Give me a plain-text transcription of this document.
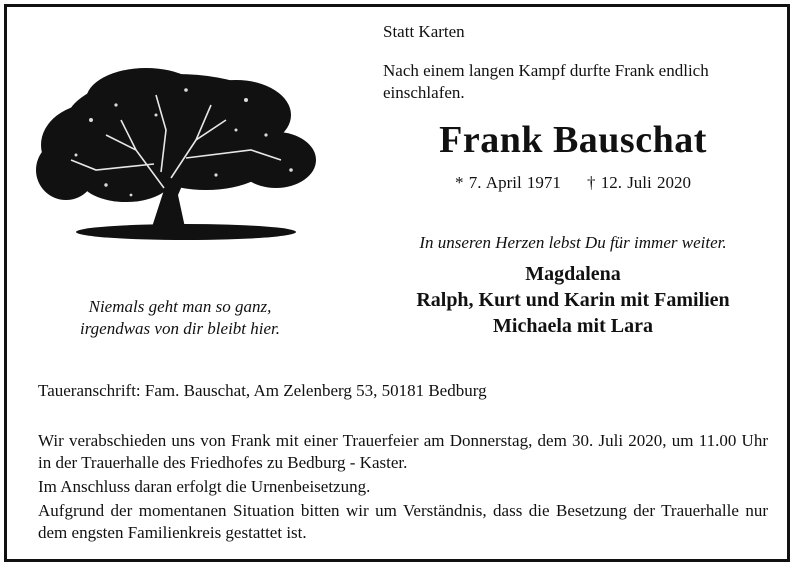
Niemals geht man so ganz,
irgendwas von dir bleibt hier.
Statt Karten
Nach einem langen Kampf durfte Frank endlich einschlafen.
Frank Bauschat
* 7. April 1971 † 12. Juli 2020
In unseren Herzen lebst Du für immer weiter.
Magdalena
Ralph, Kurt und Karin mit Familien
Michaela mit Lara
Taueranschrift: Fam. Bauschat, Am Zelenberg 53, 50181 Bedburg

Wir verabschieden uns von Frank mit einer Trauerfeier am Donnerstag, dem 30. Juli 2020, um 11.00 Uhr in der Trauerhalle des Friedhofes zu Bedburg - Kaster.

Im Anschluss daran erfolgt die Urnenbeisetzung.

Aufgrund der momentanen Situation bitten wir um Verständnis, dass die Besetzung der Trauerhalle nur dem engsten Familienkreis gestattet ist.
